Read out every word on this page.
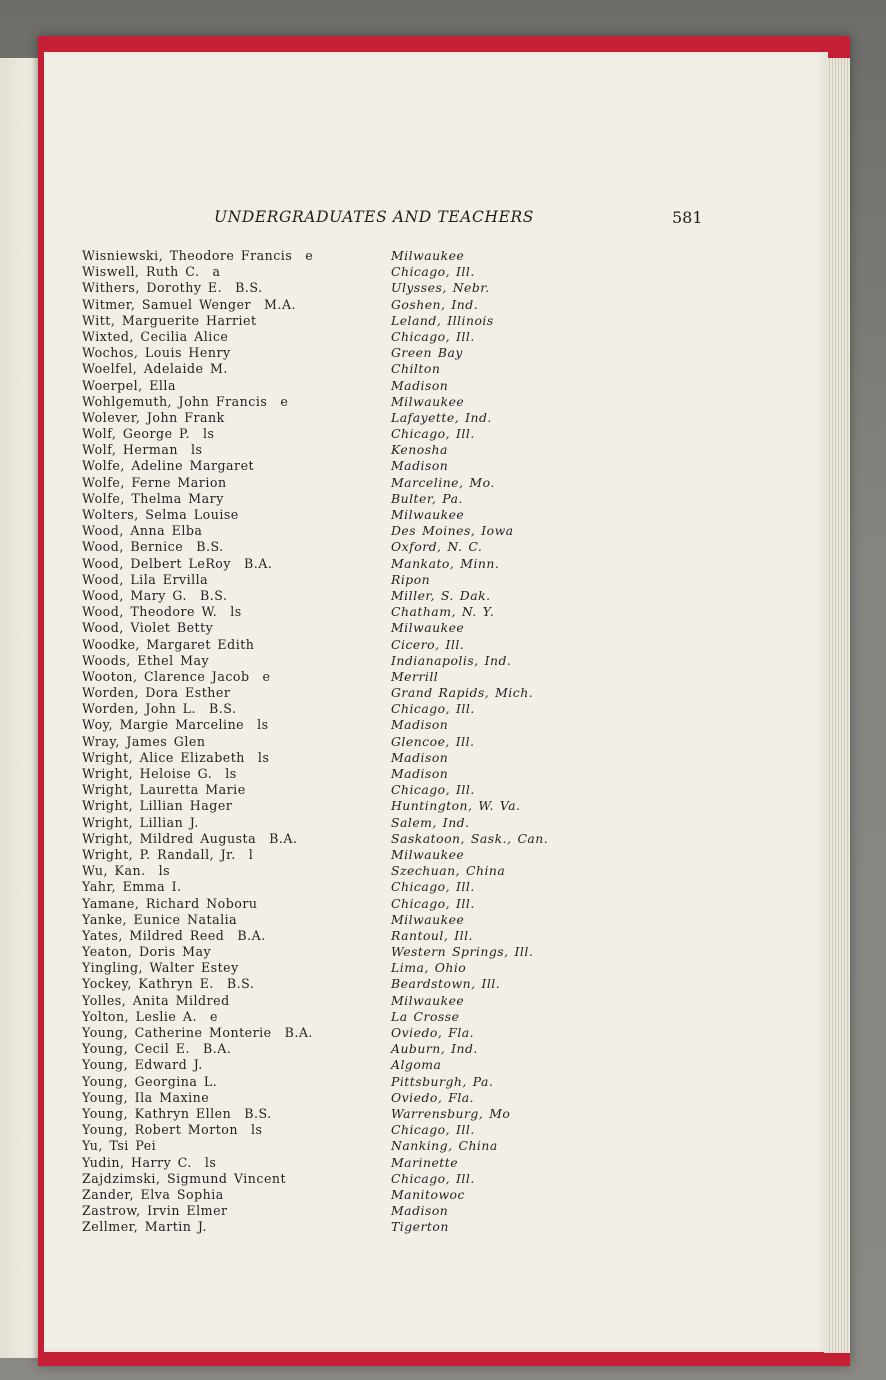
UNDERGRADUATES AND TEACHERS	581
Wisniewski, Theodore Francis  e	Milwaukee
Wiswell, Ruth C.  a	Chicago, Ill.
Withers, Dorothy E.  B.S.	Ulysses, Nebr.
Witmer, Samuel Wenger  M.A.	Goshen, Ind.
Witt, Marguerite Harriet	Leland, Illinois
Wixted, Cecilia Alice	Chicago, Ill.
Wochos, Louis Henry	Green Bay
Woelfel, Adelaide M.	Chilton
Woerpel, Ella	Madison
Wohlgemuth, John Francis  e	Milwaukee
Wolever, John Frank	Lafayette, Ind.
Wolf, George P.  ls	Chicago, Ill.
Wolf, Herman  ls	Kenosha
Wolfe, Adeline Margaret	Madison
Wolfe, Ferne Marion	Marceline, Mo.
Wolfe, Thelma Mary	Bulter, Pa.
Wolters, Selma Louise	Milwaukee
Wood, Anna Elba	Des Moines, Iowa
Wood, Bernice  B.S.	Oxford, N. C.
Wood, Delbert LeRoy  B.A.	Mankato, Minn.
Wood, Lila Ervilla	Ripon
Wood, Mary G.  B.S.	Miller, S. Dak.
Wood, Theodore W.  ls	Chatham, N. Y.
Wood, Violet Betty	Milwaukee
Woodke, Margaret Edith	Cicero, Ill.
Woods, Ethel May	Indianapolis, Ind.
Wooton, Clarence Jacob  e	Merrill
Worden, Dora Esther	Grand Rapids, Mich.
Worden, John L.  B.S.	Chicago, Ill.
Woy, Margie Marceline  ls	Madison
Wray, James Glen	Glencoe, Ill.
Wright, Alice Elizabeth  ls	Madison
Wright, Heloise G.  ls	Madison
Wright, Lauretta Marie	Chicago, Ill.
Wright, Lillian Hager	Huntington, W. Va.
Wright, Lillian J.	Salem, Ind.
Wright, Mildred Augusta  B.A.	Saskatoon, Sask., Can.
Wright, P. Randall, Jr.  l	Milwaukee
Wu, Kan.  ls	Szechuan, China
Yahr, Emma I.	Chicago, Ill.
Yamane, Richard Noboru	Chicago, Ill.
Yanke, Eunice Natalia	Milwaukee
Yates, Mildred Reed  B.A.	Rantoul, Ill.
Yeaton, Doris May	Western Springs, Ill.
Yingling, Walter Estey	Lima, Ohio
Yockey, Kathryn E.  B.S.	Beardstown, Ill.
Yolles, Anita Mildred	Milwaukee
Yolton, Leslie A.  e	La Crosse
Young, Catherine Monterie  B.A.	Oviedo, Fla.
Young, Cecil E.  B.A.	Auburn, Ind.
Young, Edward J.	Algoma
Young, Georgina L.	Pittsburgh, Pa.
Young, Ila Maxine	Oviedo, Fla.
Young, Kathryn Ellen  B.S.	Warrensburg, Mo
Young, Robert Morton  ls	Chicago, Ill.
Yu, Tsi Pei	Nanking, China
Yudin, Harry C.  ls	Marinette
Zajdzimski, Sigmund Vincent	Chicago, Ill.
Zander, Elva Sophia	Manitowoc
Zastrow, Irvin Elmer	Madison
Zellmer, Martin J.	Tigerton
